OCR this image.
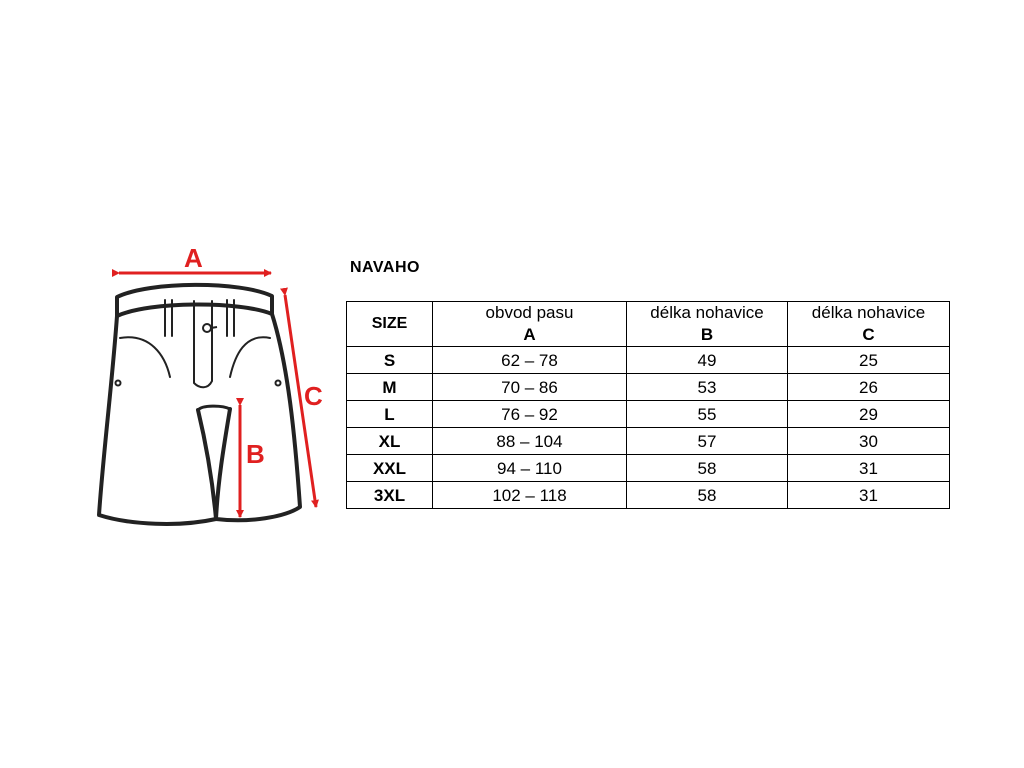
A
B
C
NAVAHO
SIZE	obvod pasu	délka nohavice	délka nohavice
	A	B	C
S	62 – 78	49	25
M	70 – 86	53	26
L	76 – 92	55	29
XL	88 – 104	57	30
XXL	94 – 110	58	31
3XL	102 – 118	58	31
